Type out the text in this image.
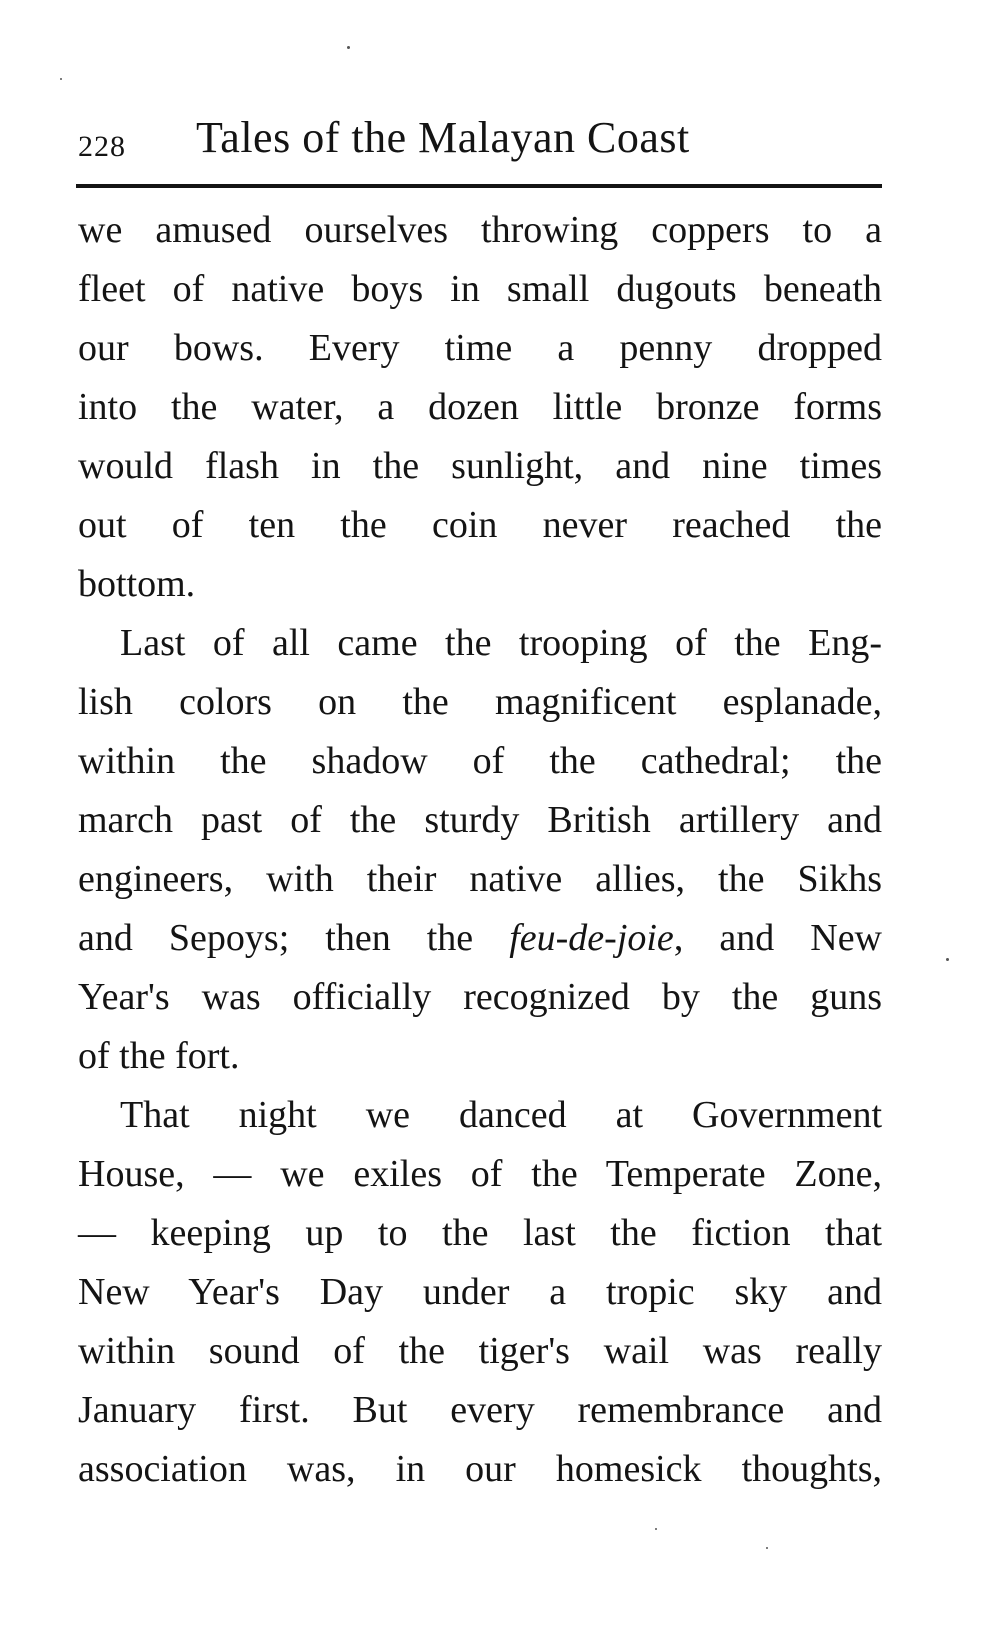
228 Tales of the Malayan Coast
we amused ourselves throwing coppers to a
fleet of native boys in small dugouts beneath
our bows. Every time a penny dropped
into the water, a dozen little bronze forms
would flash in the sunlight, and nine times
out of ten the coin never reached the
bottom.
Last of all came the trooping of the Eng-
lish colors on the magnificent esplanade,
within the shadow of the cathedral; the
march past of the sturdy British artillery and
engineers, with their native allies, the Sikhs
and Sepoys; then the feu-de-joie, and New
Year's was officially recognized by the guns
of the fort.
That night we danced at Government
House, — we exiles of the Temperate Zone,
— keeping up to the last the fiction that
New Year's Day under a tropic sky and
within sound of the tiger's wail was really
January first. But every remembrance and
association was, in our homesick thoughts,
